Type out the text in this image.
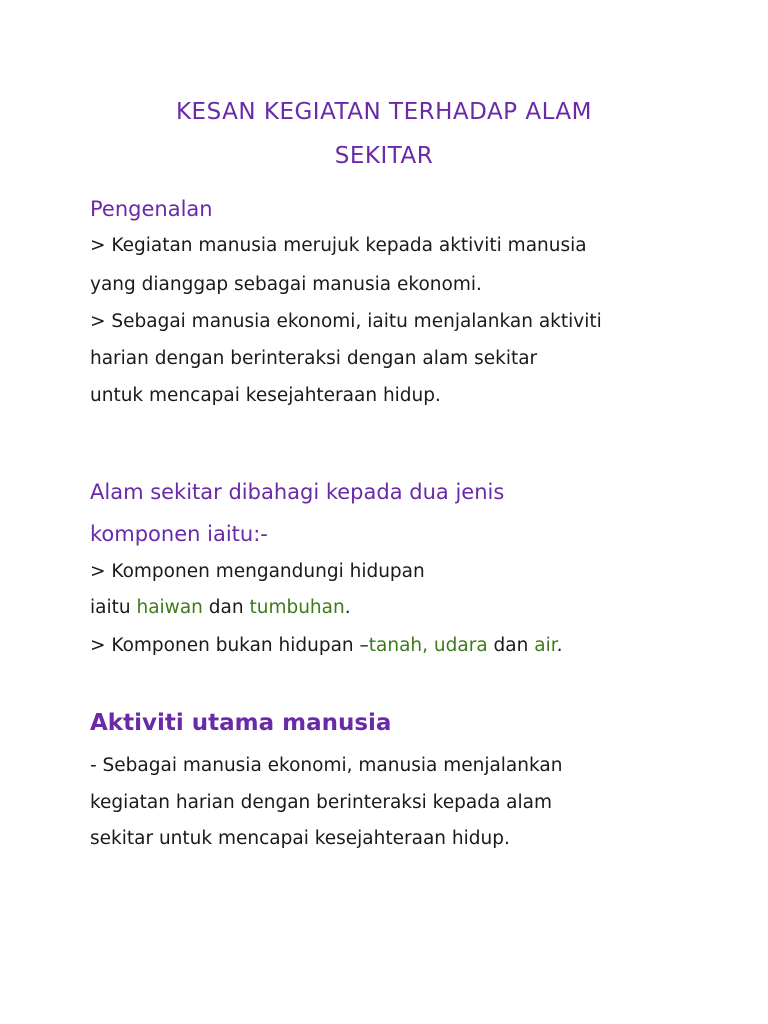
KESAN KEGIATAN TERHADAP ALAM
SEKITAR
Pengenalan
> Kegiatan manusia merujuk kepada aktiviti manusia
yang dianggap sebagai manusia ekonomi.
> Sebagai manusia ekonomi, iaitu menjalankan aktiviti
harian dengan berinteraksi dengan alam sekitar
untuk mencapai kesejahteraan hidup.
Alam sekitar dibahagi kepada dua jenis
komponen iaitu:-
> Komponen mengandungi hidupan
iaitu haiwan dan tumbuhan.
> Komponen bukan hidupan –tanah, udara dan air.
Aktiviti utama manusia
- Sebagai manusia ekonomi, manusia menjalankan
kegiatan harian dengan berinteraksi kepada alam
sekitar untuk mencapai kesejahteraan hidup.
